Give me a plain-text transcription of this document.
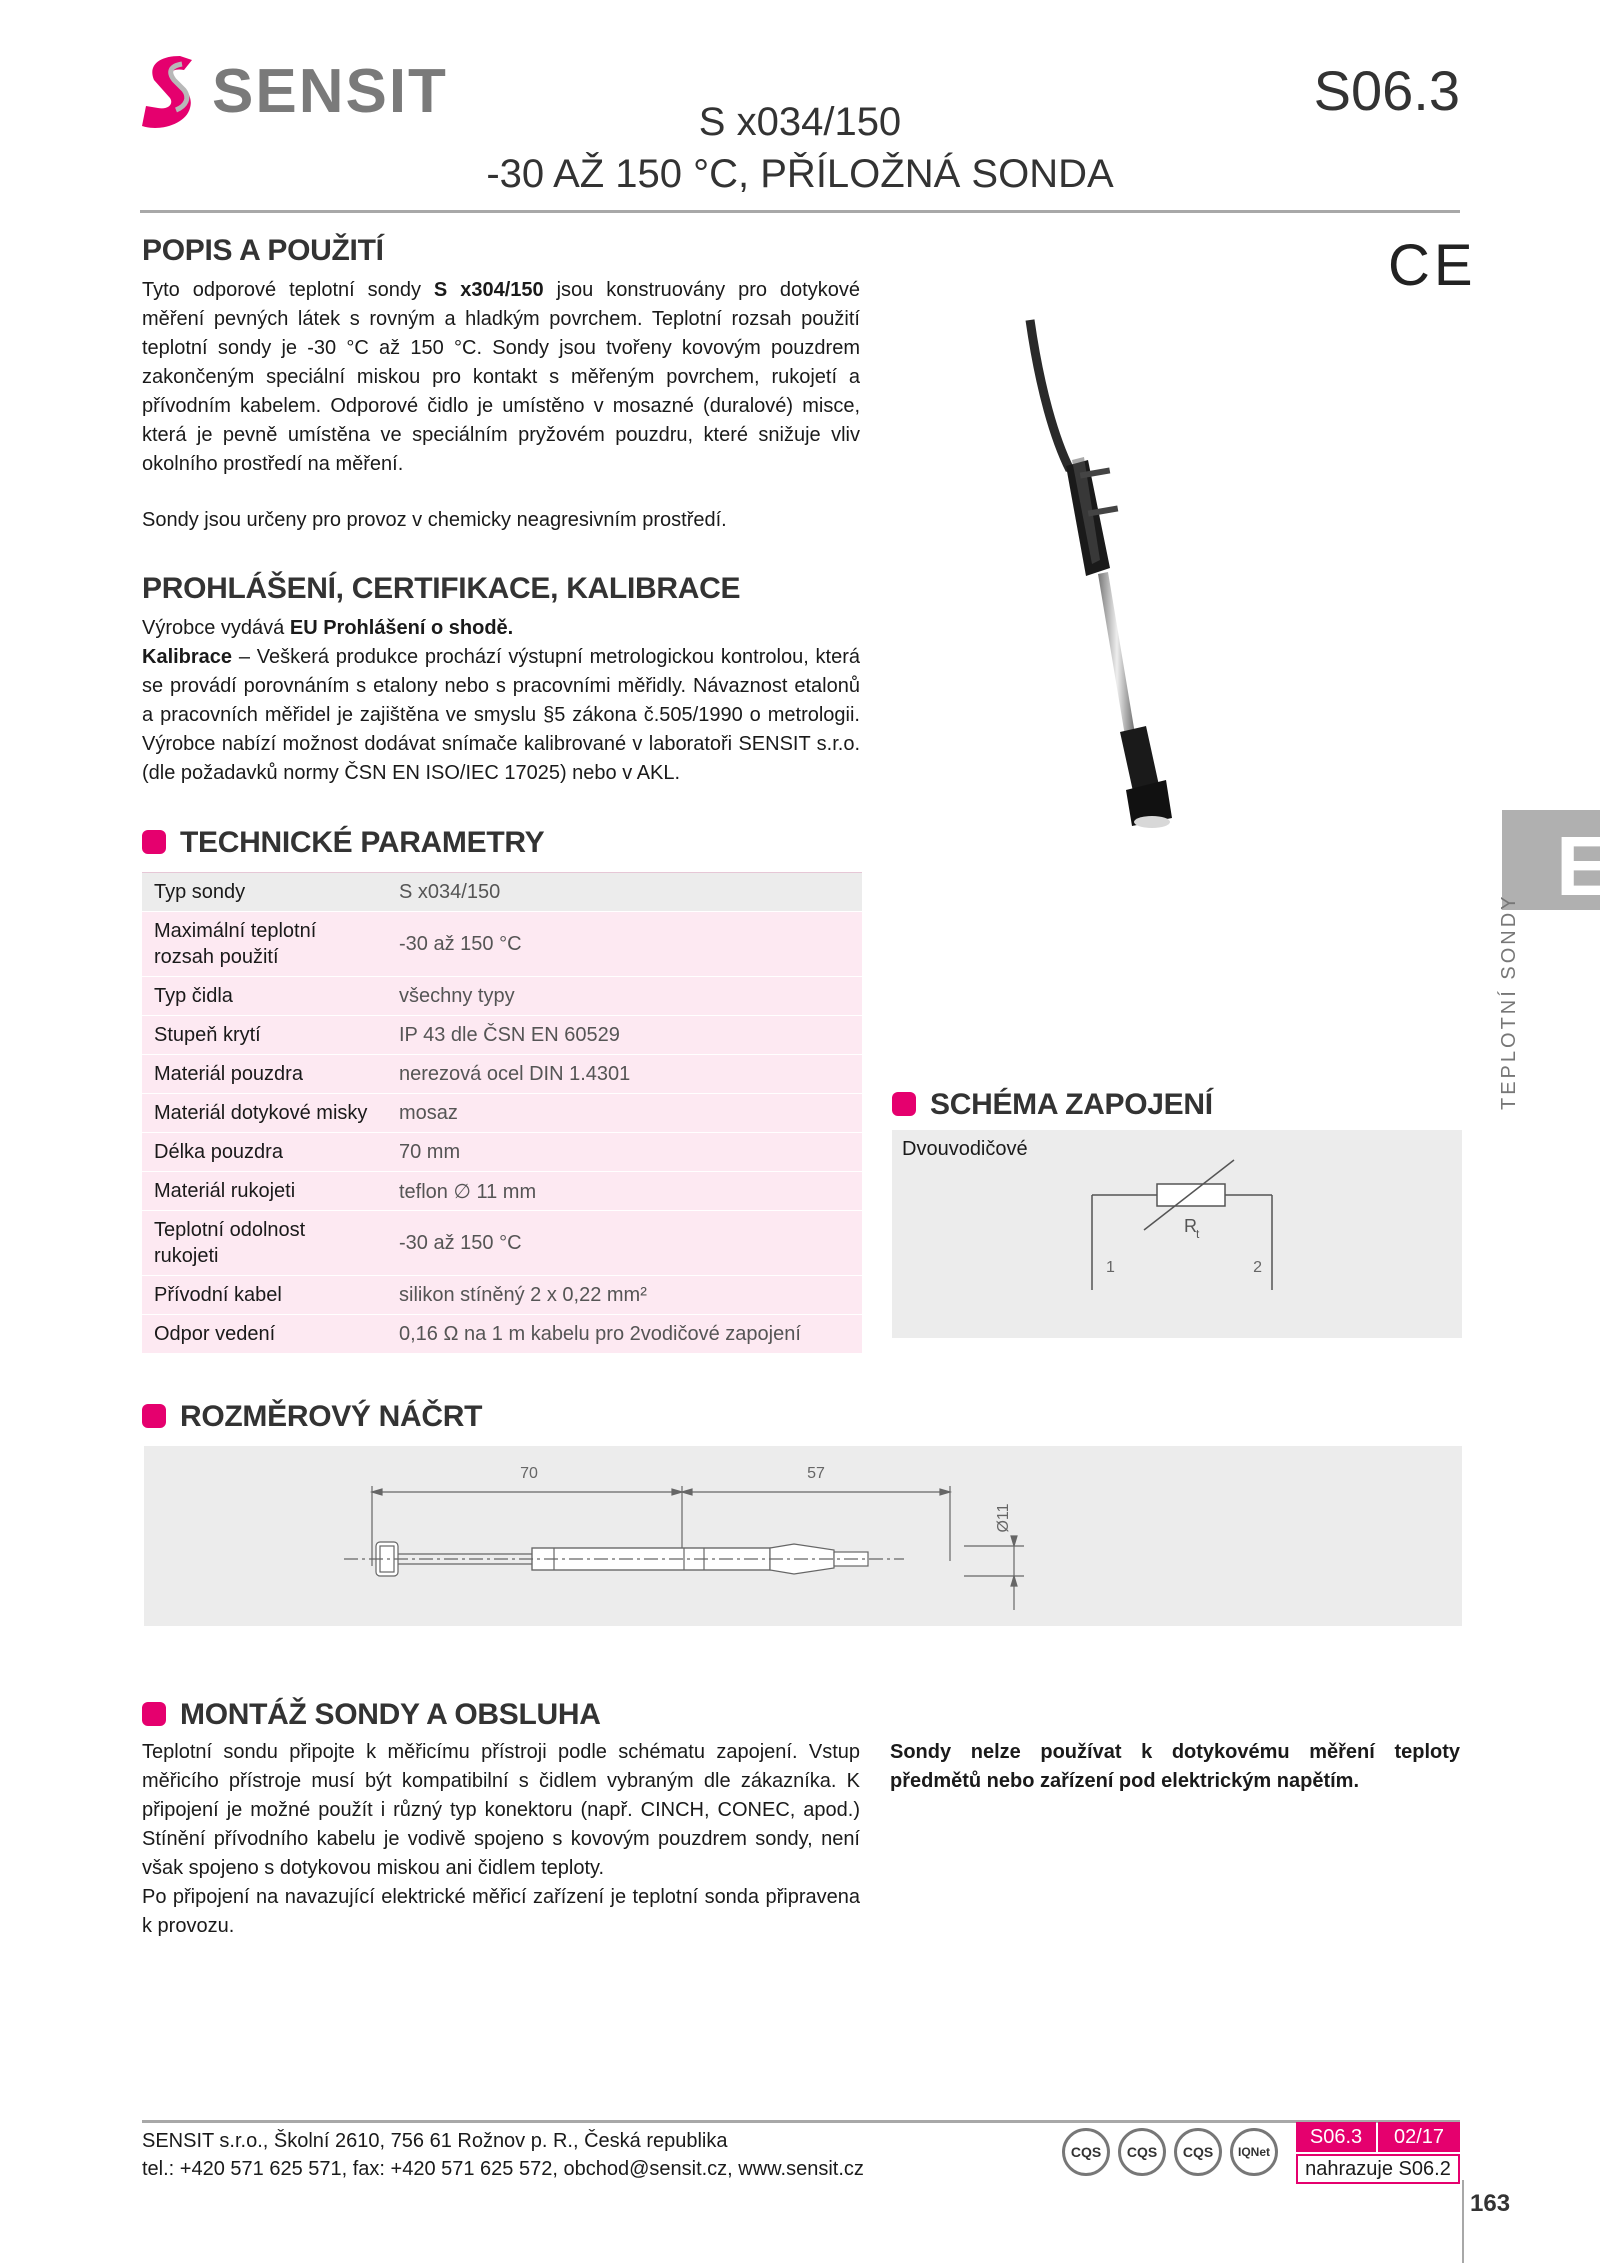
SENSIT	S06.3
S x034/150
-30 AŽ 150 °C, PŘÍLOŽNÁ SONDA
CE
POPIS A POUŽITÍ

Tyto odporové teplotní sondy S x304/150 jsou konstruovány pro dotykové měření pevných látek s rovným a hladkým povrchem. Teplotní rozsah použití teplotní sondy je -30 °C až 150 °C. Sondy jsou tvořeny kovovým pouzdrem zakončeným speciální miskou pro kontakt s měřeným povrchem, rukojetí a přívodním kabelem. Odporové čidlo je umístěno v mosazné (duralové) misce, která je pevně umístěna ve speciálním pryžovém pouzdru, které snižuje vliv okolního prostředí na měření.

Sondy jsou určeny pro provoz v chemicky neagresivním prostředí.

PROHLÁŠENÍ, CERTIFIKACE, KALIBRACE
Výrobce vydává EU Prohlášení o shodě.
Kalibrace – Veškerá produkce prochází výstupní metrologickou kontrolou, která se provádí porovnáním s etalony nebo s pracovními měřidly. Návaznost etalonů a pracovních měřidel je zajištěna ve smyslu §5 zákona č.505/1990 o metrologii. Výrobce nabízí možnost dodávat snímače kalibrované v laboratoři SENSIT s.r.o. (dle požadavků normy ČSN EN ISO/IEC 17025) nebo v AKL.
TECHNICKÉ PARAMETRY
Typ sondy	S x034/150
Maximální teplotní rozsah použití	-30 až 150 °C
Typ čidla	všechny typy
Stupeň krytí	IP 43 dle ČSN EN 60529
Materiál pouzdra	nerezová ocel DIN 1.4301
Materiál dotykové misky	mosaz
Délka pouzdra	70 mm
Materiál rukojeti	teflon ∅ 11 mm
Teplotní odolnost rukojeti	-30 až 150 °C
Přívodní kabel	silikon stíněný 2 x 0,22 mm²
Odpor vedení	0,16 Ω na 1 m kabelu pro 2vodičové zapojení
E
TEPLOTNÍ SONDY
SCHÉMA ZAPOJENÍ
R t
1	2
Dvouvodičové
ROZMĚROVÝ NÁČRT
70	57
Ø11
MONTÁŽ SONDY A OBSLUHA
Teplotní sondu připojte k měřicímu přístroji podle schématu zapojení. Vstup měřicího přístroje musí být kompatibilní s čidlem vybraným dle zákazníka. K připojení je možné použít i různý typ konektoru (např. CINCH, CONEC, apod.) Stínění přívodního kabelu je vodivě spojeno s kovovým pouzdrem sondy, není však spojeno s dotykovou miskou ani čidlem teploty.
Po připojení na navazující elektrické měřicí zařízení je teplotní sonda připravena k provozu.
Sondy nelze používat k dotykovému měření teploty předmětů nebo zařízení pod elektrickým napětím.
SENSIT s.r.o., Školní 2610, 756 61 Rožnov p. R., Česká republika
tel.: +420 571 625 571, fax: +420 571 625 572, obchod@sensit.cz, www.sensit.cz
CQS	CQS	CQS	IQNet
S06.3	02/17
nahrazuje S06.2
163
